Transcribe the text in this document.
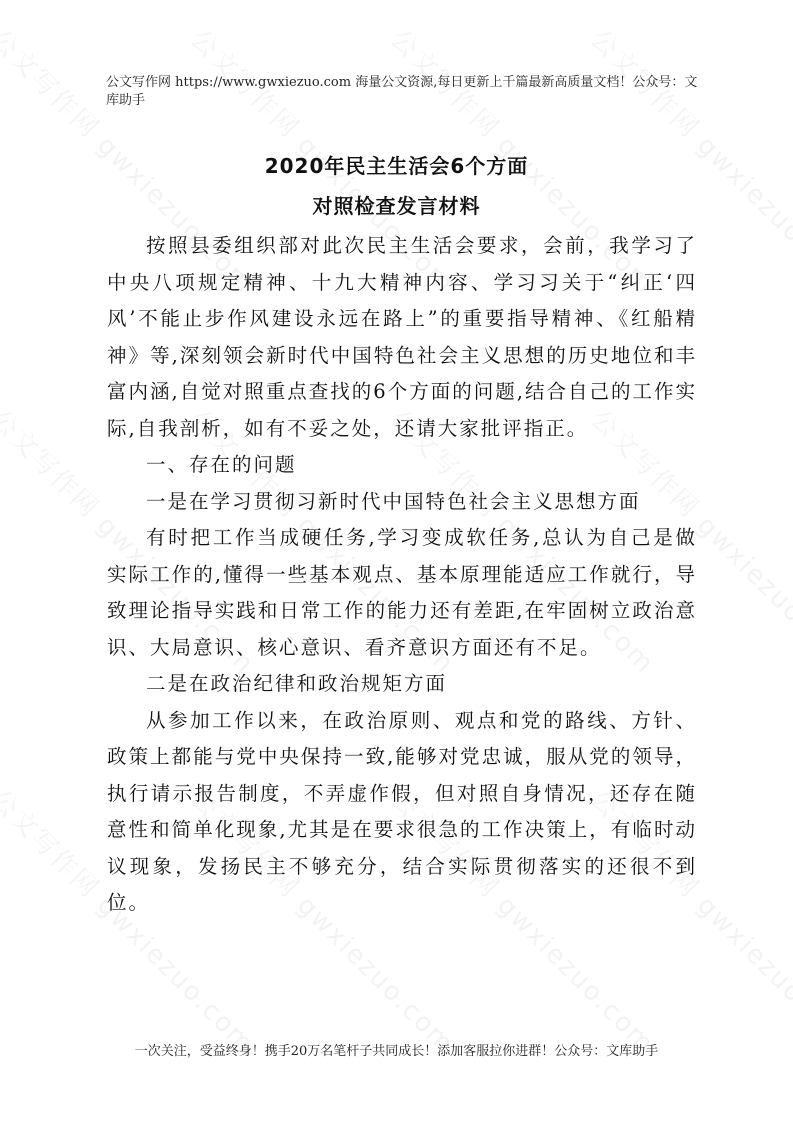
公文写作网 https://www.gwxiezuo.com 海量公文资源,每日更新上千篇最新高质量文档！公众号：文库助手
2020年民主生活会6个方面
对照检查发言材料

按照县委组织部对此次民主生活会要求，会前，我学习了中央八项规定精神、十九大精神内容、学习习关于“纠正‘四风’不能止步作风建设永远在路上”的重要指导精神、《红船精神》等,深刻领会新时代中国特色社会主义思想的历史地位和丰富内涵,自觉对照重点查找的6个方面的问题,结合自己的工作实际,自我剖析，如有不妥之处，还请大家批评指正。

一、存在的问题

一是在学习贯彻习新时代中国特色社会主义思想方面

有时把工作当成硬任务,学习变成软任务,总认为自己是做实际工作的,懂得一些基本观点、基本原理能适应工作就行，导致理论指导实践和日常工作的能力还有差距,在牢固树立政治意识、大局意识、核心意识、看齐意识方面还有不足。

二是在政治纪律和政治规矩方面

从参加工作以来，在政治原则、观点和党的路线、方针、政策上都能与党中央保持一致,能够对党忠诚，服从党的领导，执行请示报告制度，不弄虚作假，但对照自身情况，还存在随意性和简单化现象,尤其是在要求很急的工作决策上，有临时动议现象，发扬民主不够充分，结合实际贯彻落实的还很不到位。

一次关注，受益终身！携手20万名笔杆子共同成长！添加客服拉你进群！公众号：文库助手
